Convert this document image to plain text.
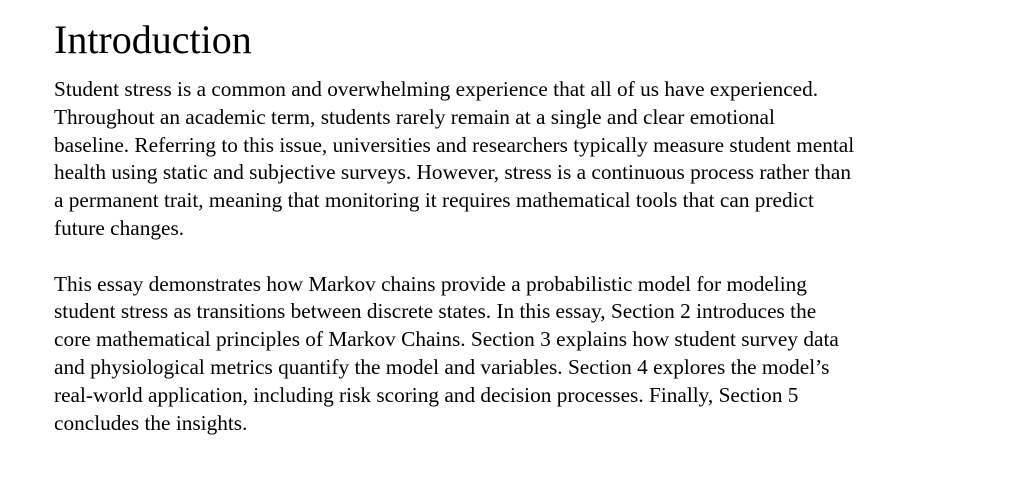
Introduction

Student stress is a common and overwhelming experience that all of us have experienced.
Throughout an academic term, students rarely remain at a single and clear emotional
baseline. Referring to this issue, universities and researchers typically measure student mental
health using static and subjective surveys. However, stress is a continuous process rather than
a permanent trait, meaning that monitoring it requires mathematical tools that can predict
future changes.

This essay demonstrates how Markov chains provide a probabilistic model for modeling
student stress as transitions between discrete states. In this essay, Section 2 introduces the
core mathematical principles of Markov Chains. Section 3 explains how student survey data
and physiological metrics quantify the model and variables. Section 4 explores the model’s
real-world application, including risk scoring and decision processes. Finally, Section 5
concludes the insights.
